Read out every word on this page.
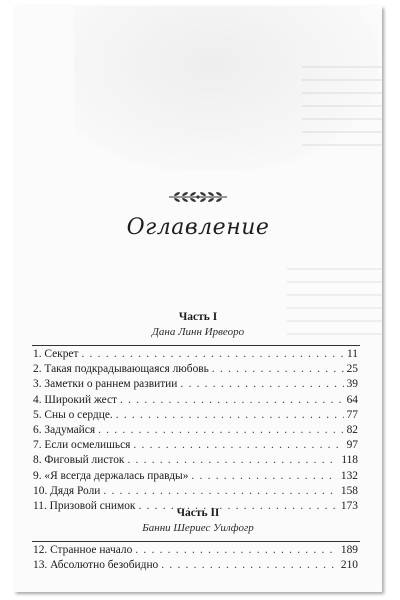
Оглавление
Часть I
Дана Линн Ирвеоро
1. Секрет . . .	11
2. Такая подкрадывающаяся любовь . . .	25
3. Заметки о раннем развитии . . .	39
4. Широкий жест . . .	64
5. Сны о сердце. . . .	77
6. Задумайся . . .	82
7. Если осмелишься . . .	97
8. Фиговый листок . . .	118
9. «Я всегда держалась правды» . . .	132
10. Дядя Роли . . .	158
11. Призовой снимок . . .	173
Часть II
Банни Шериес Уилфогр
12. Странное начало . . .	189
13. Абсолютно безобидно . . .	210
